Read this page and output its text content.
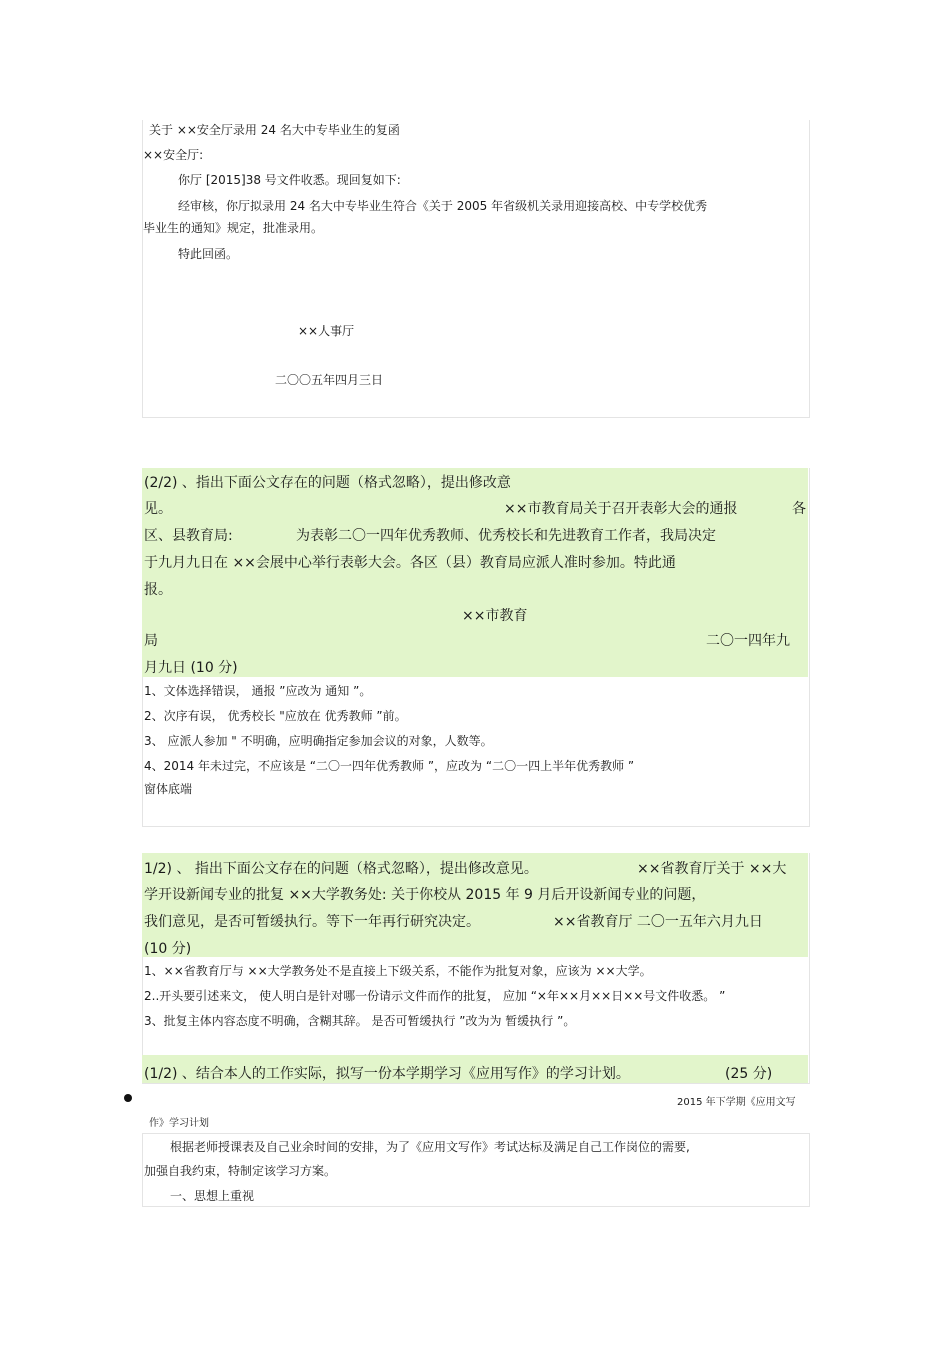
关于 ××安全厅录用 24 名大中专毕业生的复函
××安全厅:
你厅 [2015]38 号文件收悉。现回复如下:
经审核，你厅拟录用 24 名大中专毕业生符合《关于 2005 年省级机关录用迎接高校、中专学校优秀
毕业生的通知》规定，批准录用。
特此回函。
××人事厅
二〇〇五年四月三日
(2/2) 、指出下面公文存在的问题（格式忽略），提出修改意
见。	××市教育局关于召开表彰大会的通报	各
区、县教育局:	为表彰二〇一四年优秀教师、优秀校长和先进教育工作者，我局决定
于九月九日在 ××会展中心举行表彰大会。各区（县）教育局应派人准时参加。特此通
报。
××市教育
局	二〇一四年九
月九日 (10 分)
1、文体选择错误， 通报 ”应改为 通知 ”。
2、次序有误， 优秀校长 "应放在 优秀教师 ”前。
3、 应派人参加 " 不明确，应明确指定参加会议的对象，人数等。
4、2014 年未过完，不应该是 “二〇一四年优秀教师 ”，应改为 “二〇一四上半年优秀教师 ”
窗体底端
1/2) 、 指出下面公文存在的问题（格式忽略），提出修改意见。	××省教育厅关于 ××大
学开设新闻专业的批复 ××大学教务处: 关于你校从 2015 年 9 月后开设新闻专业的问题，
我们意见，是否可暂缓执行。等下一年再行研究决定。	××省教育厅 二〇一五年六月九日
(10 分)
1、××省教育厅与 ××大学教务处不是直接上下级关系，不能作为批复对象，应该为 ××大学。
2..开头要引述来文， 使人明白是针对哪一份请示文件而作的批复， 应加 “×年××月××日××号文件收悉。 ”
3、批复主体内容态度不明确，含糊其辞。 是否可暂缓执行 ”改为为 暂缓执行 ”。
(1/2) 、结合本人的工作实际，拟写一份本学期学习《应用写作》的学习计划。	(25 分)
2015 年下学期《应用文写
作》学习计划
根据老师授课表及自己业余时间的安排，为了《应用文写作》考试达标及满足自己工作岗位的需要,
加强自我约束，特制定该学习方案。
一、思想上重视
